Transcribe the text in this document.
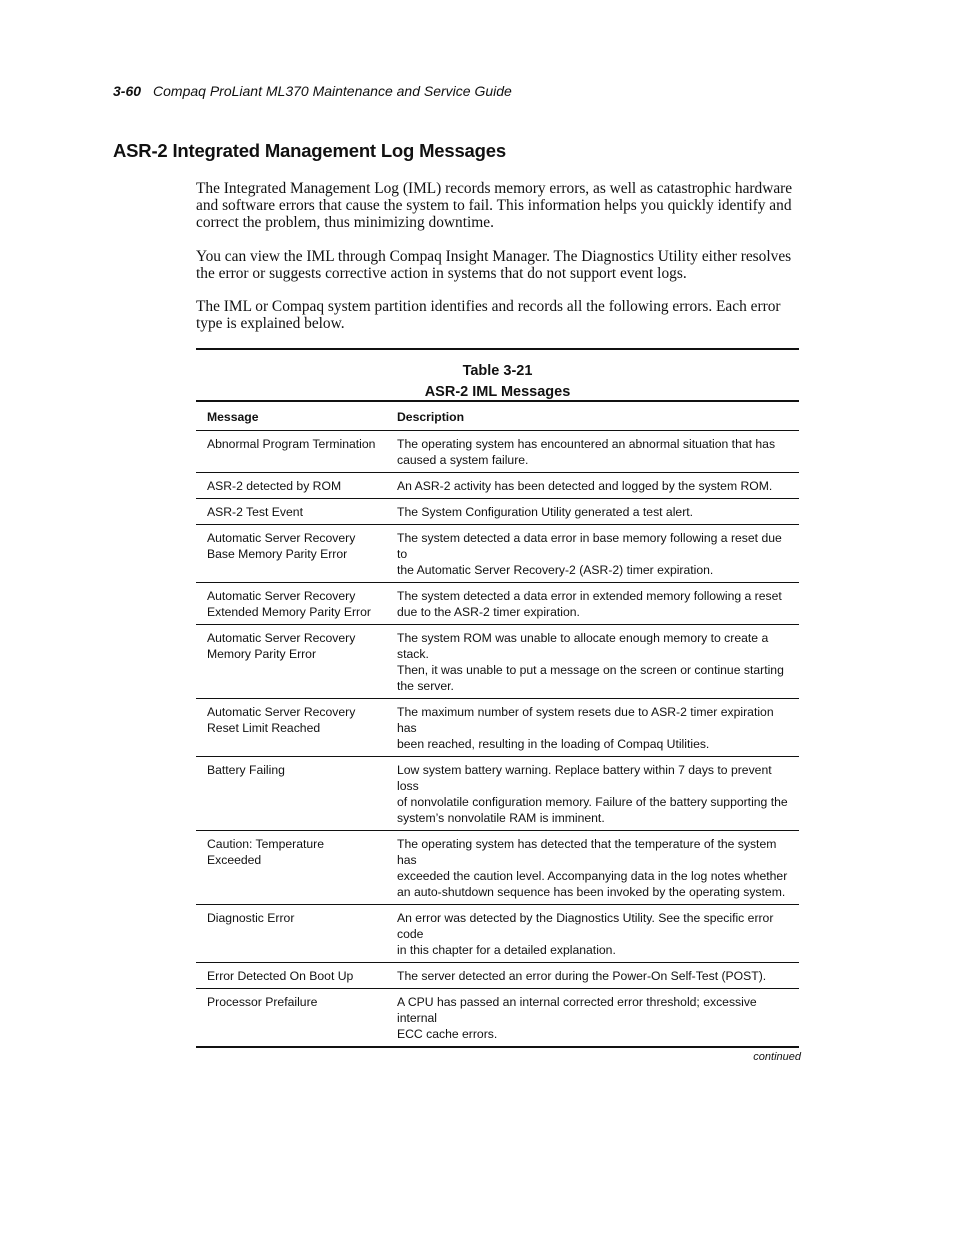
3-60 Compaq ProLiant ML370 Maintenance and Service Guide
ASR-2 Integrated Management Log Messages

The Integrated Management Log (IML) records memory errors, as well as catastrophic hardware and software errors that cause the system to fail. This information helps you quickly identify and correct the problem, thus minimizing downtime.

You can view the IML through Compaq Insight Manager. The Diagnostics Utility either resolves the error or suggests corrective action in systems that do not support event logs.

The IML or Compaq system partition identifies and records all the following errors. Each error type is explained below.

Table 3-21
ASR-2 IML Messages
Message	Description

Abnormal Program Termination	The operating system has encountered an abnormal situation that has
caused a system failure.

ASR-2 detected by ROM	An ASR-2 activity has been detected and logged by the system ROM.

ASR-2 Test Event	The System Configuration Utility generated a test alert.

Automatic Server Recovery
Base Memory Parity Error	The system detected a data error in base memory following a reset due to
the Automatic Server Recovery-2 (ASR-2) timer expiration.

Automatic Server Recovery
Extended Memory Parity Error	The system detected a data error in extended memory following a reset
due to the ASR-2 timer expiration.

Automatic Server Recovery
Memory Parity Error	The system ROM was unable to allocate enough memory to create a stack.
Then, it was unable to put a message on the screen or continue starting
the server.

Automatic Server Recovery
Reset Limit Reached	The maximum number of system resets due to ASR-2 timer expiration has
been reached, resulting in the loading of Compaq Utilities.

Battery Failing	Low system battery warning. Replace battery within 7 days to prevent loss
of nonvolatile configuration memory. Failure of the battery supporting the
system’s nonvolatile RAM is imminent.

Caution: Temperature Exceeded	The operating system has detected that the temperature of the system has
exceeded the caution level. Accompanying data in the log notes whether
an auto-shutdown sequence has been invoked by the operating system.

Diagnostic Error	An error was detected by the Diagnostics Utility. See the specific error code
in this chapter for a detailed explanation.

Error Detected On Boot Up	The server detected an error during the Power-On Self-Test (POST).

Processor Prefailure	A CPU has passed an internal corrected error threshold; excessive internal
ECC cache errors.
continued
